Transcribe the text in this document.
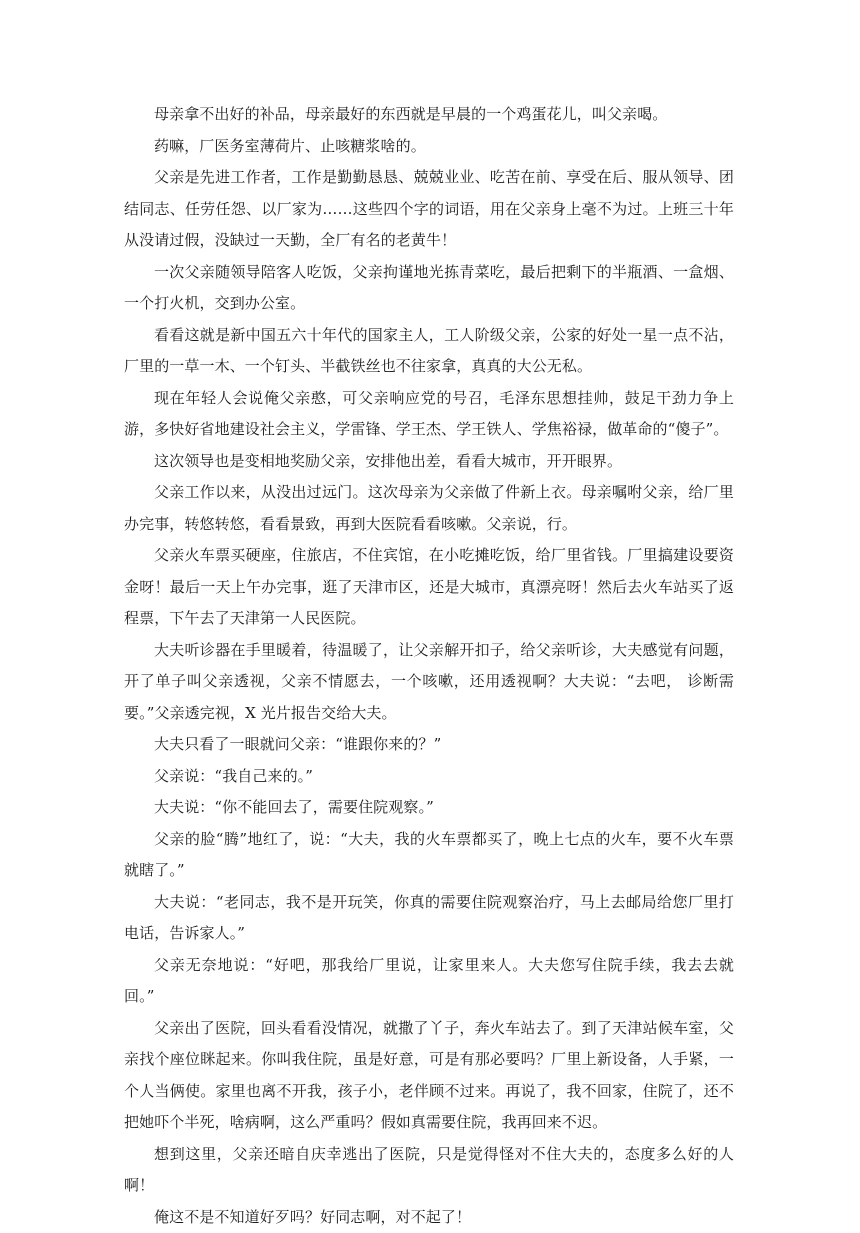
母亲拿不出好的补品，母亲最好的东西就是早晨的一个鸡蛋花儿，叫父亲喝。

药嘛，厂医务室薄荷片、止咳糖浆啥的。

父亲是先进工作者，工作是勤勤恳恳、兢兢业业、吃苦在前、享受在后、服从领导、团结同志、任劳任怨、以厂家为……这些四个字的词语，用在父亲身上毫不为过。上班三十年从没请过假，没缺过一天勤，全厂有名的老黄牛！

一次父亲随领导陪客人吃饭，父亲拘谨地光拣青菜吃，最后把剩下的半瓶酒、一盒烟、一个打火机，交到办公室。

看看这就是新中国五六十年代的国家主人，工人阶级父亲，公家的好处一星一点不沾，厂里的一草一木、一个钉头、半截铁丝也不往家拿，真真的大公无私。

现在年轻人会说俺父亲憨，可父亲响应党的号召，毛泽东思想挂帅，鼓足干劲力争上游，多快好省地建设社会主义，学雷锋、学王杰、学王铁人、学焦裕禄，做革命的“傻子”。

这次领导也是变相地奖励父亲，安排他出差，看看大城市，开开眼界。

父亲工作以来，从没出过远门。这次母亲为父亲做了件新上衣。母亲嘱咐父亲，给厂里办完事，转悠转悠，看看景致，再到大医院看看咳嗽。父亲说，行。

父亲火车票买硬座，住旅店，不住宾馆，在小吃摊吃饭，给厂里省钱。厂里搞建设要资金呀！最后一天上午办完事，逛了天津市区，还是大城市，真漂亮呀！然后去火车站买了返程票，下午去了天津第一人民医院。

大夫听诊器在手里暖着，待温暖了，让父亲解开扣子，给父亲听诊，大夫感觉有问题，开了单子叫父亲透视，父亲不情愿去，一个咳嗽，还用透视啊？大夫说：“去吧， 诊断需要。”父亲透完视，X 光片报告交给大夫。

大夫只看了一眼就问父亲：“谁跟你来的？”

父亲说：“我自己来的。”

大夫说：“你不能回去了，需要住院观察。”

父亲的脸“腾”地红了，说：“大夫，我的火车票都买了，晚上七点的火车，要不火车票就瞎了。”

大夫说：“老同志，我不是开玩笑，你真的需要住院观察治疗，马上去邮局给您厂里打电话，告诉家人。”

父亲无奈地说：“好吧，那我给厂里说，让家里来人。大夫您写住院手续，我去去就回。”

父亲出了医院，回头看看没情况，就撒了丫子，奔火车站去了。到了天津站候车室，父亲找个座位眯起来。你叫我住院，虽是好意，可是有那必要吗？厂里上新设备，人手紧，一个人当俩使。家里也离不开我，孩子小，老伴顾不过来。再说了，我不回家，住院了，还不把她吓个半死，啥病啊，这么严重吗？假如真需要住院，我再回来不迟。

想到这里，父亲还暗自庆幸逃出了医院，只是觉得怪对不住大夫的，态度多么好的人啊！

俺这不是不知道好歹吗？好同志啊，对不起了！
